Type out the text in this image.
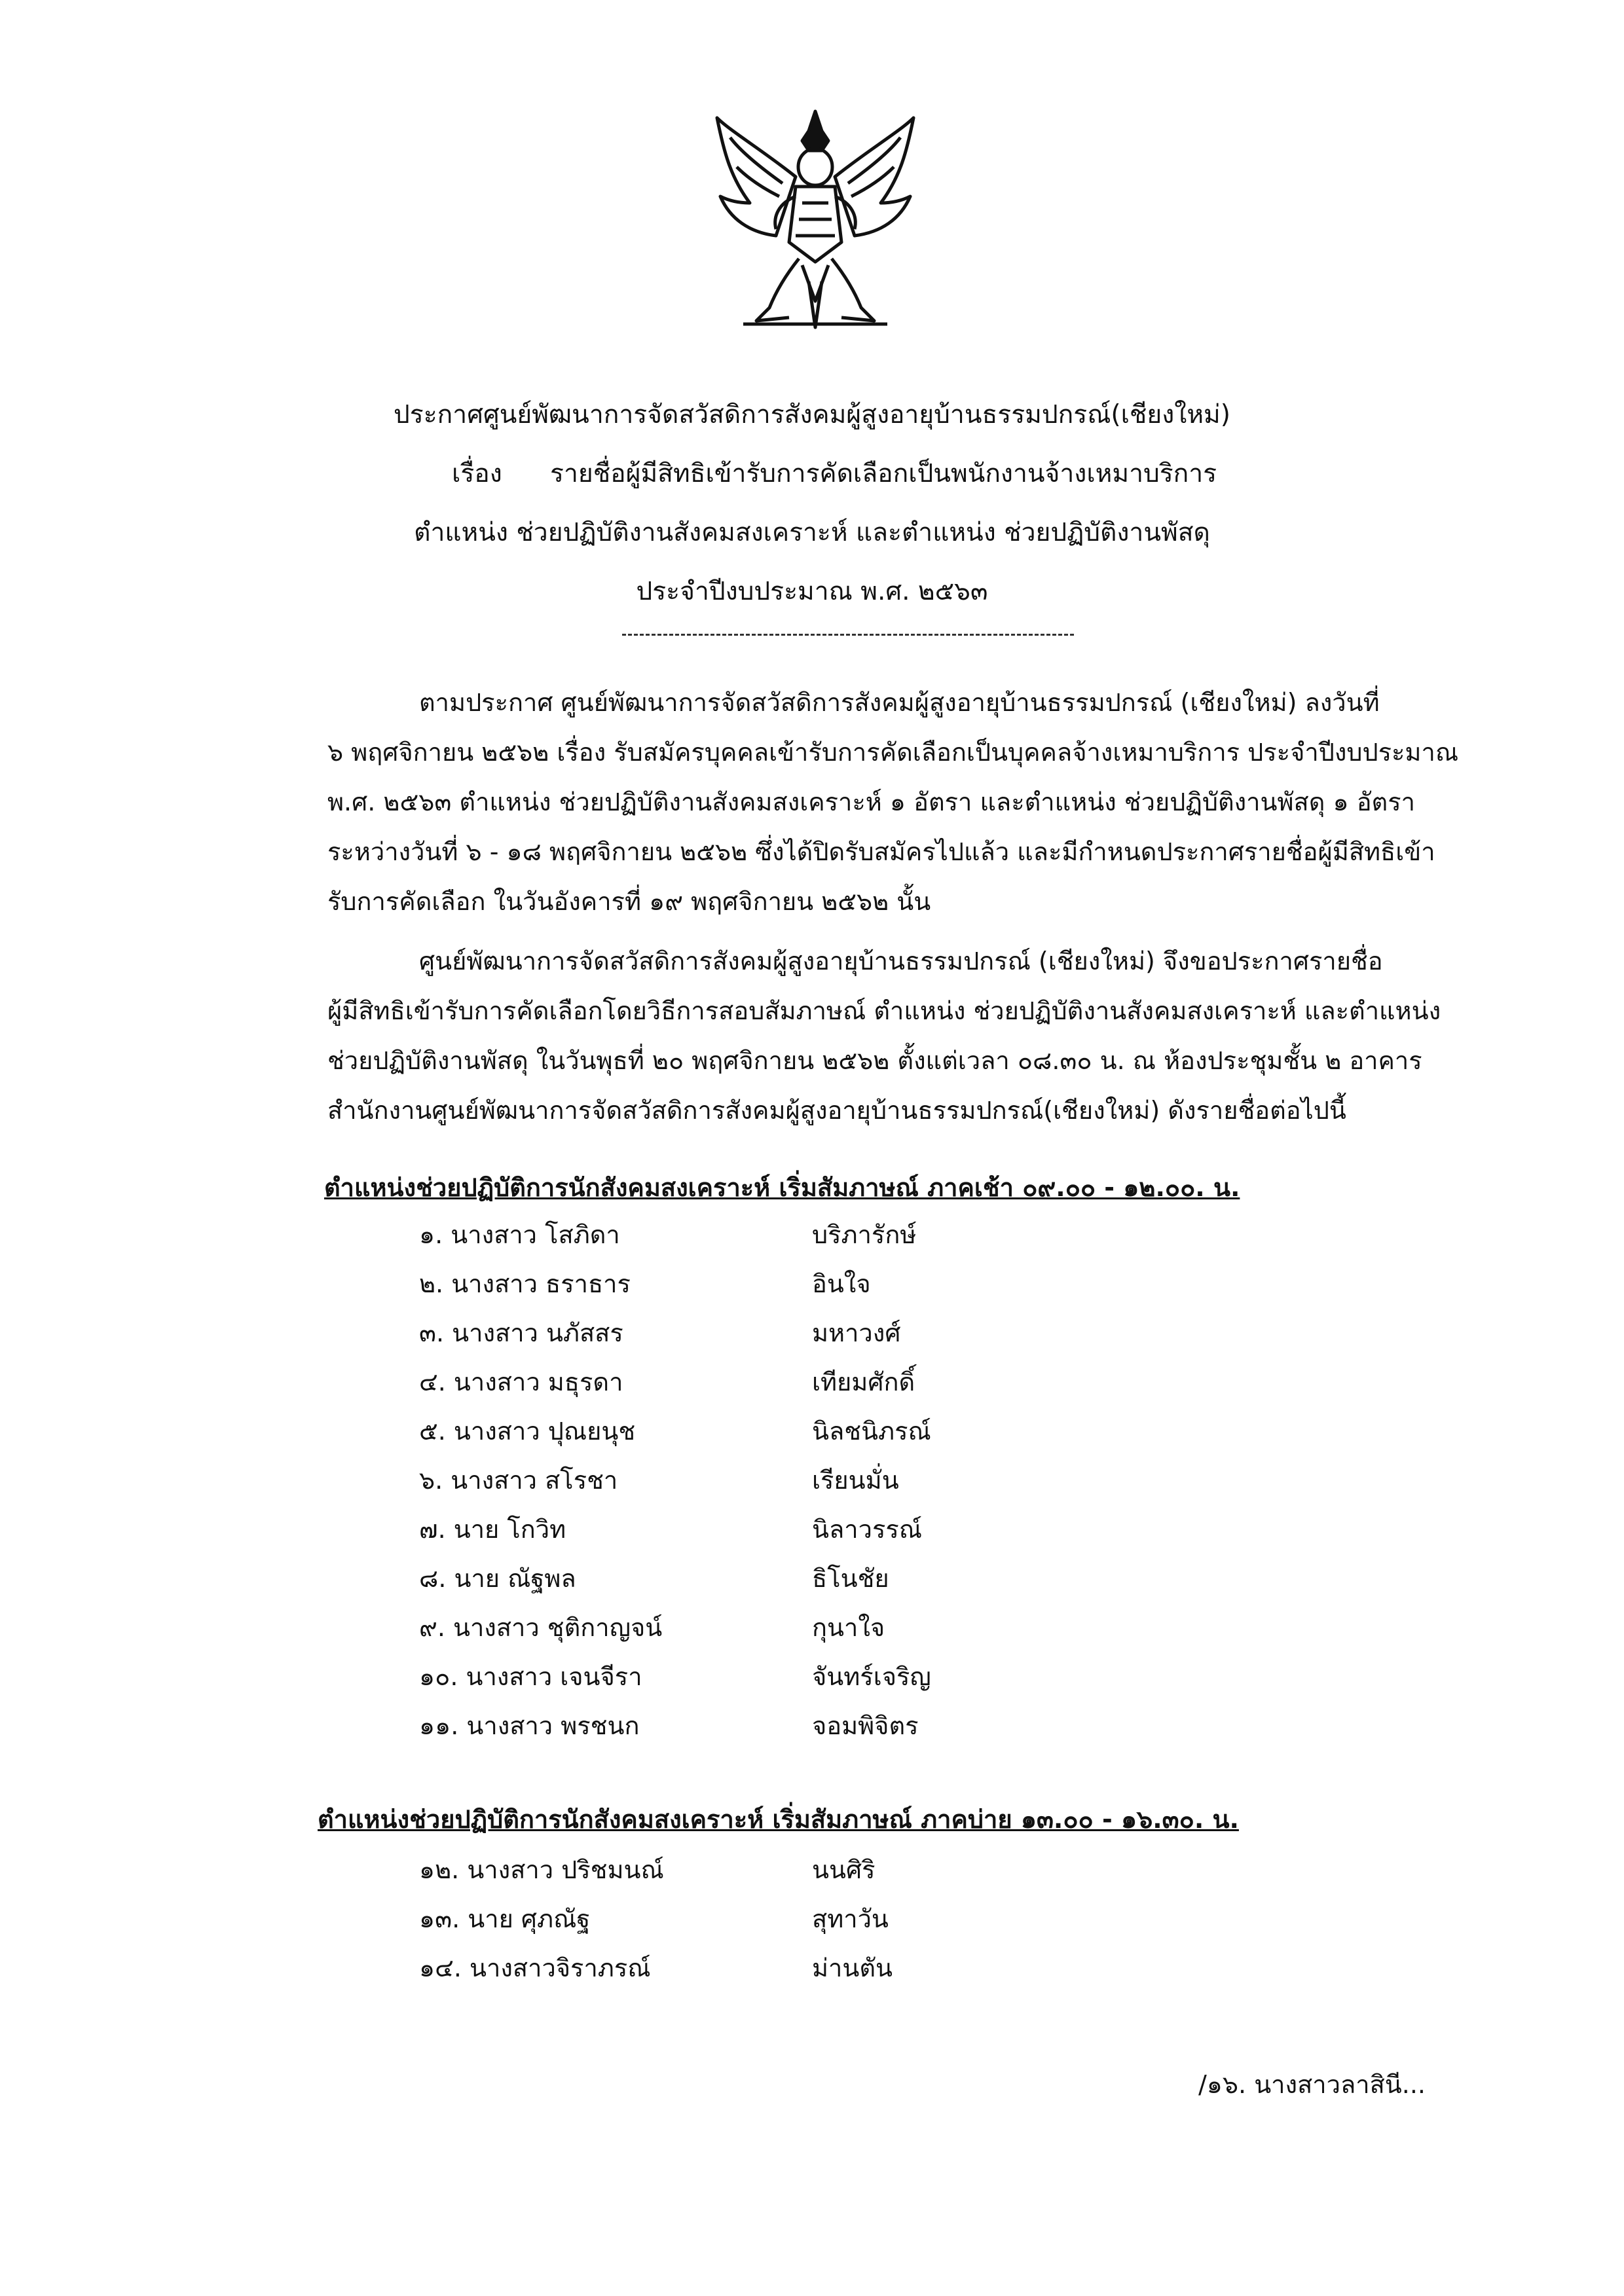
ประกาศศูนย์พัฒนาการจัดสวัสดิการสังคมผู้สูงอายุบ้านธรรมปกรณ์(เชียงใหม่)
เรื่อง รายชื่อผู้มีสิทธิเข้ารับการคัดเลือกเป็นพนักงานจ้างเหมาบริการ
ตำแหน่ง ช่วยปฏิบัติงานสังคมสงเคราะห์ และตำแหน่ง ช่วยปฏิบัติงานพัสดุ
ประจำปีงบประมาณ พ.ศ. ๒๕๖๓
ตามประกาศ ศูนย์พัฒนาการจัดสวัสดิการสังคมผู้สูงอายุบ้านธรรมปกรณ์ (เชียงใหม่) ลงวันที่
๖ พฤศจิกายน ๒๕๖๒ เรื่อง รับสมัครบุคคลเข้ารับการคัดเลือกเป็นบุคคลจ้างเหมาบริการ ประจำปีงบประมาณ
พ.ศ. ๒๕๖๓ ตำแหน่ง ช่วยปฏิบัติงานสังคมสงเคราะห์ ๑ อัตรา และตำแหน่ง ช่วยปฏิบัติงานพัสดุ ๑ อัตรา
ระหว่างวันที่ ๖ - ๑๘ พฤศจิกายน ๒๕๖๒ ซึ่งได้ปิดรับสมัครไปแล้ว และมีกำหนดประกาศรายชื่อผู้มีสิทธิเข้า
รับการคัดเลือก ในวันอังคารที่ ๑๙ พฤศจิกายน ๒๕๖๒ นั้น
ศูนย์พัฒนาการจัดสวัสดิการสังคมผู้สูงอายุบ้านธรรมปกรณ์ (เชียงใหม่) จึงขอประกาศรายชื่อ
ผู้มีสิทธิเข้ารับการคัดเลือกโดยวิธีการสอบสัมภาษณ์ ตำแหน่ง ช่วยปฏิบัติงานสังคมสงเคราะห์ และตำแหน่ง
ช่วยปฏิบัติงานพัสดุ ในวันพุธที่ ๒๐ พฤศจิกายน ๒๕๖๒ ตั้งแต่เวลา ๐๘.๓๐ น. ณ ห้องประชุมชั้น ๒ อาคาร
สำนักงานศูนย์พัฒนาการจัดสวัสดิการสังคมผู้สูงอายุบ้านธรรมปกรณ์(เชียงใหม่) ดังรายชื่อต่อไปนี้
ตำแหน่งช่วยปฏิบัติการนักสังคมสงเคราะห์ เริ่มสัมภาษณ์ ภาคเช้า ๐๙.๐๐ - ๑๒.๐๐. น.
๑. นางสาว โสภิดา	บริภารักษ์
๒. นางสาว ธราธาร	อินใจ
๓. นางสาว นภัสสร	มหาวงศ์
๔. นางสาว มธุรดา	เทียมศักดิ์
๕. นางสาว ปุณยนุช	นิลชนิภรณ์
๖. นางสาว สโรชา	เรียนมั่น
๗. นาย โกวิท	นิลาวรรณ์
๘. นาย ณัฐพล	ธิโนชัย
๙. นางสาว ชุติกาญจน์	กุนาใจ
๑๐. นางสาว เจนจีรา	จันทร์เจริญ
๑๑. นางสาว พรชนก	จอมพิจิตร
ตำแหน่งช่วยปฏิบัติการนักสังคมสงเคราะห์ เริ่มสัมภาษณ์ ภาคบ่าย ๑๓.๐๐ - ๑๖.๓๐. น.
๑๒. นางสาว ปริชมนณ์	นนศิริ
๑๓. นาย ศุภณัฐ	สุทาวัน
๑๔. นางสาวจิราภรณ์	ม่านตัน
/๑๖. นางสาวลาสินี...
